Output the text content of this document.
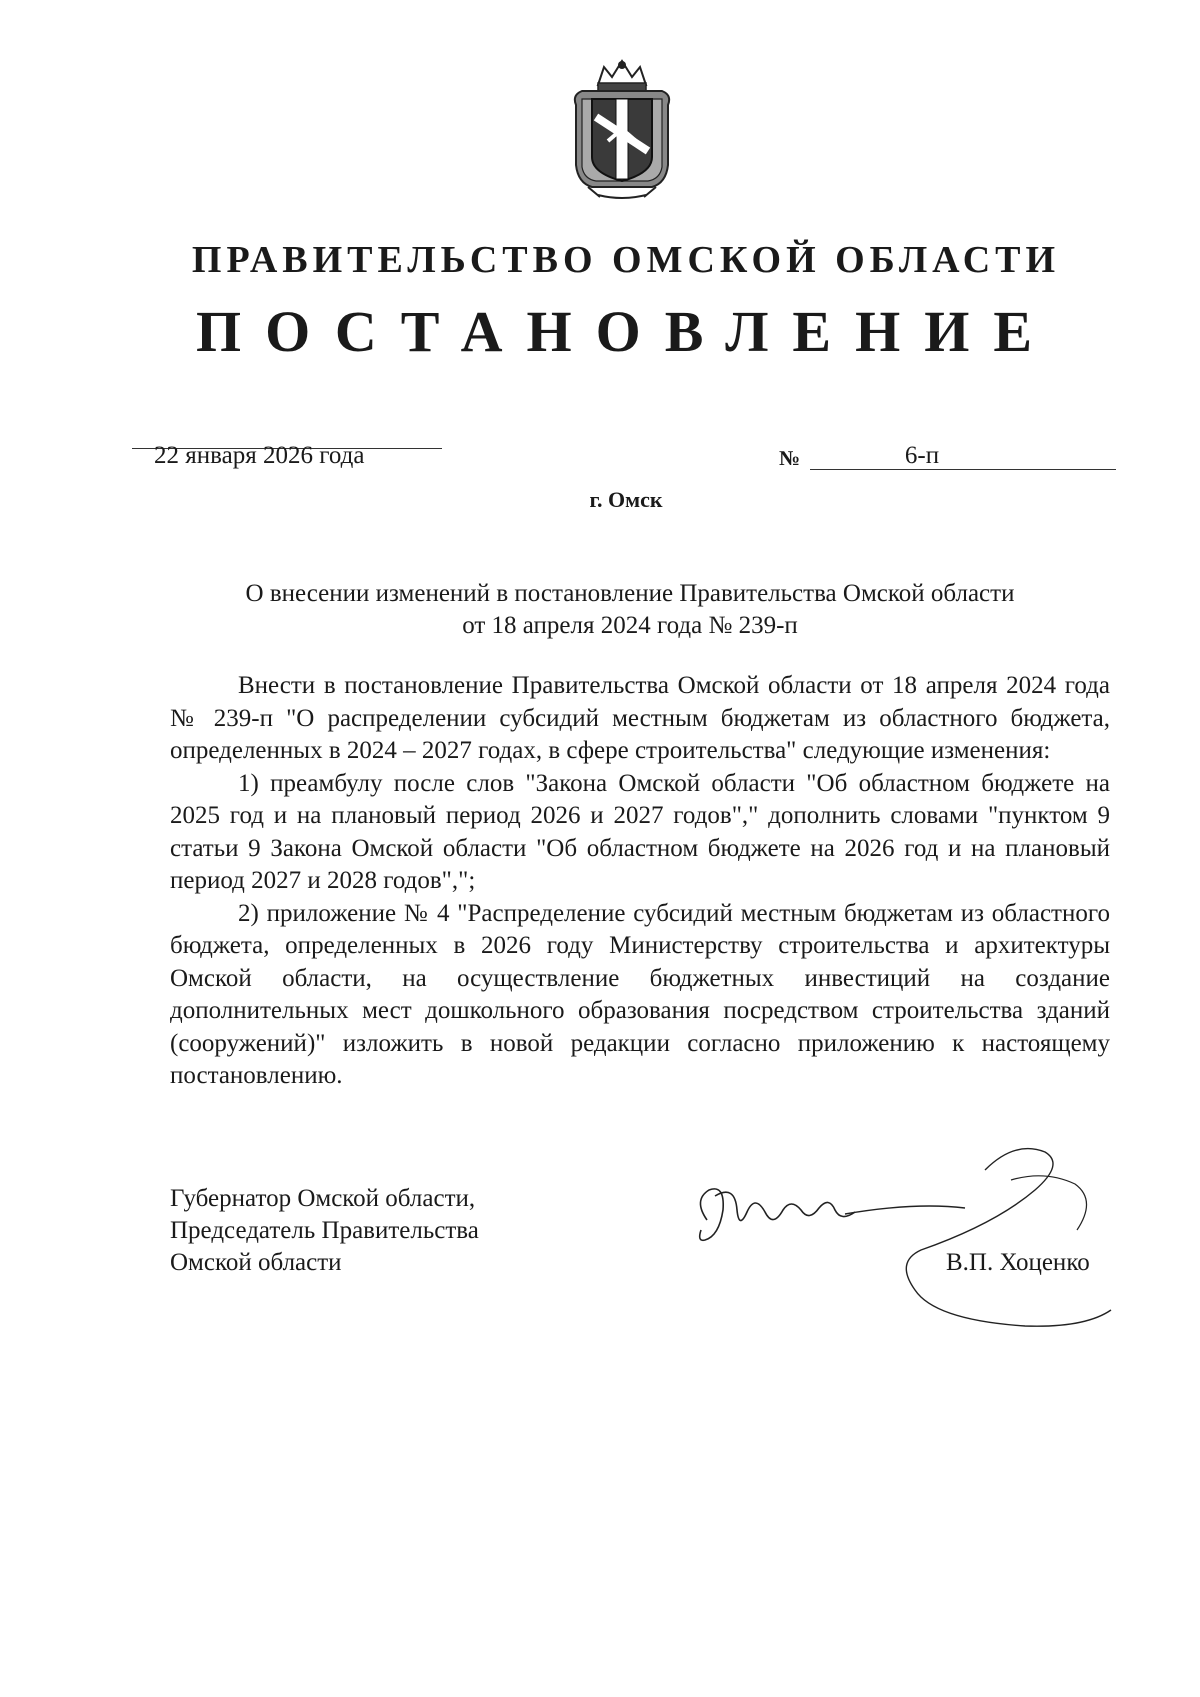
ПРАВИТЕЛЬСТВО ОМСКОЙ ОБЛАСТИ
ПОСТАНОВЛЕНИЕ
22 января 2026 года	№	6-п
г. Омск
О внесении изменений в постановление Правительства Омской области
от 18 апреля 2024 года № 239-п

Внести в постановление Правительства Омской области от 18 апреля 2024 года № 239-п "О распределении субсидий местным бюджетам из областного бюджета, определенных в 2024 – 2027 годах, в сфере строительства" следующие изменения:

1) преамбулу после слов "Закона Омской области "Об областном бюджете на 2025 год и на плановый период 2026 и 2027 годов"," дополнить словами "пунктом 9 статьи 9 Закона Омской области "Об областном бюджете на 2026 год и на плановый период 2027 и 2028 годов",";

2) приложение № 4 "Распределение субсидий местным бюджетам из областного бюджета, определенных в 2026 году Министерству строительства и архитектуры Омской области, на осуществление бюджетных инвестиций на создание дополнительных мест дошкольного образования посредством строительства зданий (сооружений)" изложить в новой редакции согласно приложению к настоящему постановлению.

Губернатор Омской области,
Председатель Правительства
Омской области	В.П. Хоценко
